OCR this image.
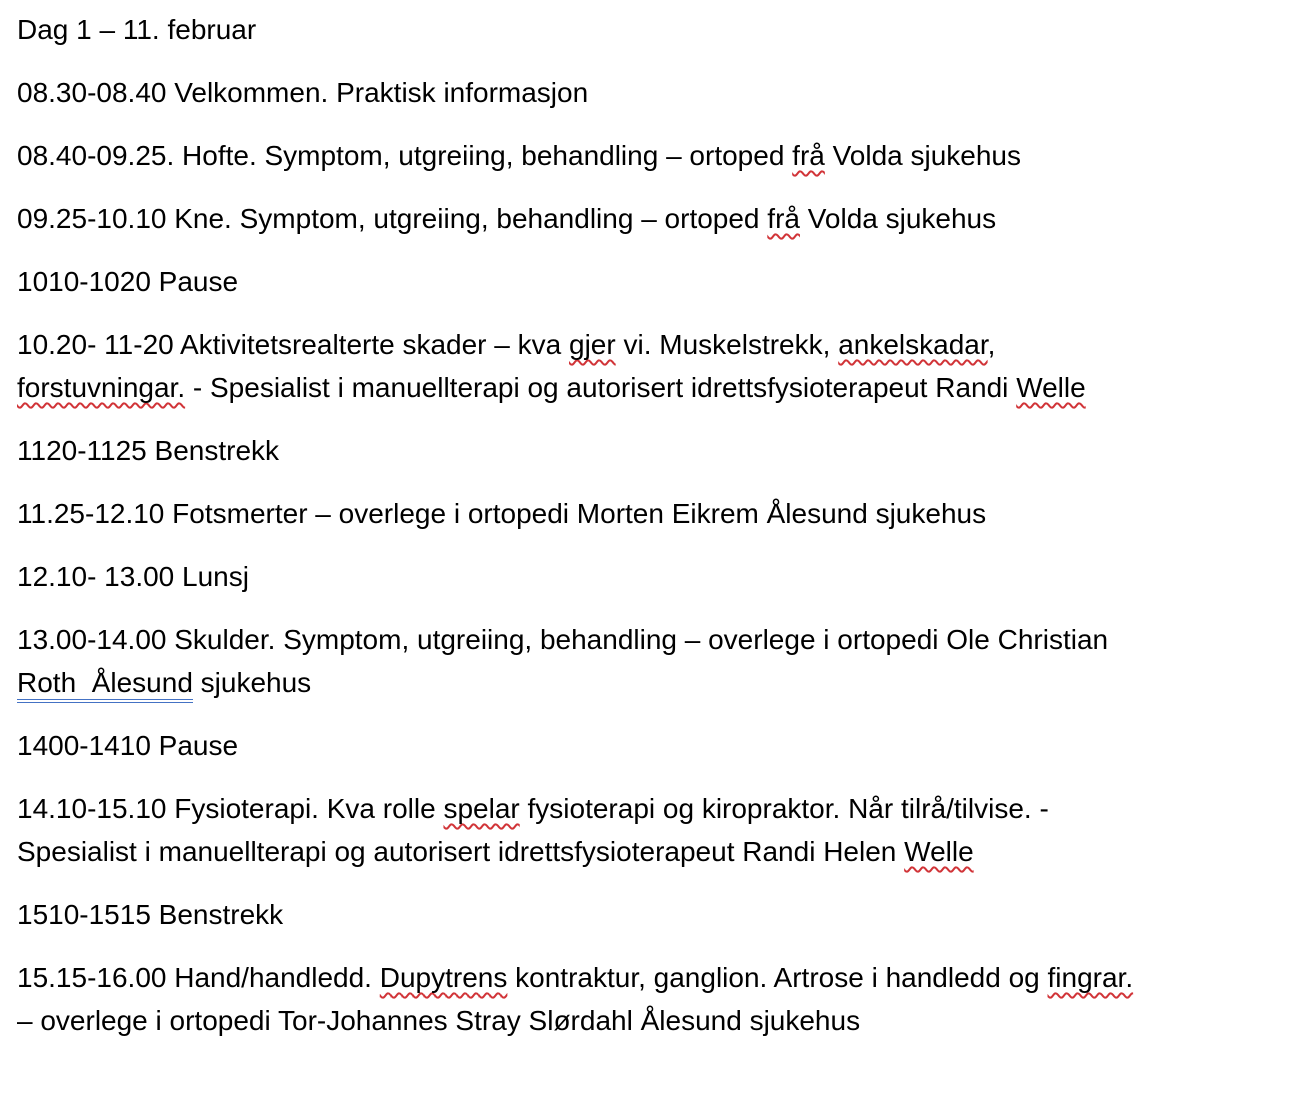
Dag 1 – 11. februar

08.30-08.40 Velkommen. Praktisk informasjon

08.40-09.25. Hofte. Symptom, utgreiing, behandling – ortoped frå Volda sjukehus

09.25-10.10 Kne. Symptom, utgreiing, behandling – ortoped frå Volda sjukehus

1010-1020 Pause

10.20- 11-20 Aktivitetsrealterte skader – kva gjer vi. Muskelstrekk, ankelskadar,
forstuvningar. - Spesialist i manuellterapi og autorisert idrettsfysioterapeut Randi Welle

1120-1125 Benstrekk

11.25-12.10 Fotsmerter – overlege i ortopedi Morten Eikrem Ålesund sjukehus

12.10- 13.00 Lunsj

13.00-14.00 Skulder. Symptom, utgreiing, behandling – overlege i ortopedi Ole Christian
Roth  Ålesund sjukehus

1400-1410 Pause

14.10-15.10 Fysioterapi. Kva rolle spelar fysioterapi og kiropraktor. Når tilrå/tilvise. -
Spesialist i manuellterapi og autorisert idrettsfysioterapeut Randi Helen Welle

1510-1515 Benstrekk

15.15-16.00 Hand/handledd. Dupytrens kontraktur, ganglion. Artrose i handledd og fingrar.
– overlege i ortopedi Tor-Johannes Stray Slørdahl Ålesund sjukehus
